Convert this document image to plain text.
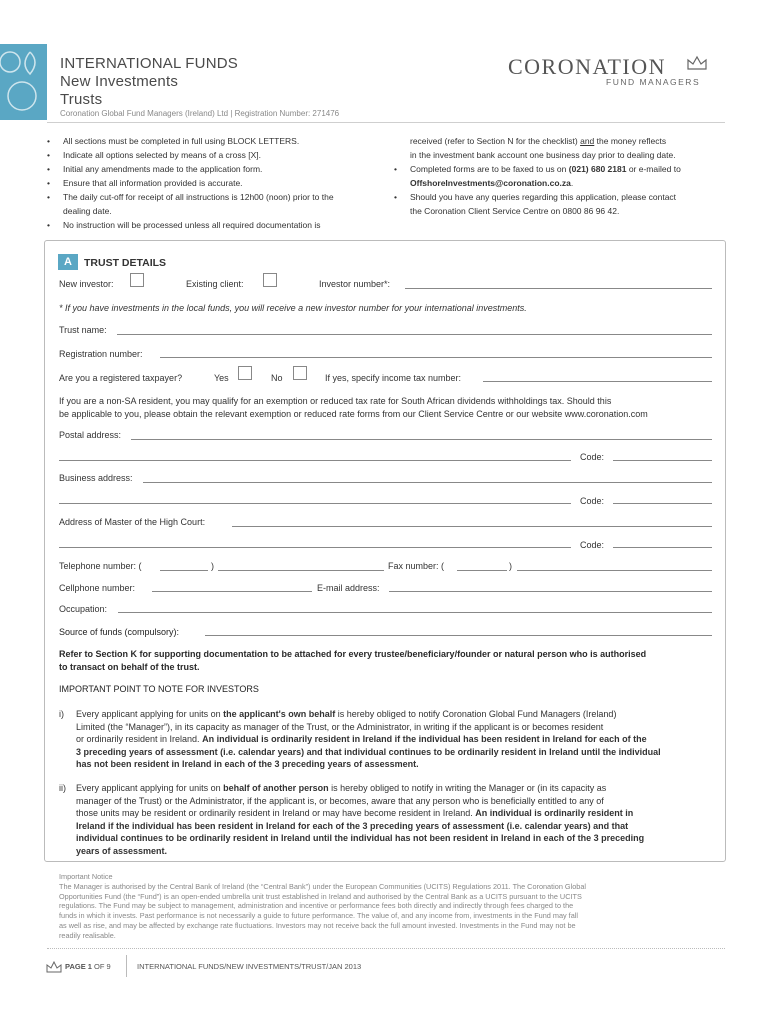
INTERNATIONAL FUNDS
New Investments
Trusts
Coronation Global Fund Managers (Ireland) Ltd | Registration Number: 271476
CORONATION
FUND MANAGERS
• All sections must be completed in full using BLOCK LETTERS.
• Indicate all options selected by means of a cross [X].
• Initial any amendments made to the application form.
• Ensure that all information provided is accurate.
• The daily cut-off for receipt of all instructions is 12h00 (noon) prior to the
dealing date.
• No instruction will be processed unless all required documentation is
received (refer to Section N for the checklist) and the money reflects
in the investment bank account one business day prior to dealing date.
• Completed forms are to be faxed to us on (021) 680 2181 or e-mailed to
OffshoreInvestments@coronation.co.za.
• Should you have any queries regarding this application, please contact
the Coronation Client Service Centre on 0800 86 96 42.
A	TRUST DETAILS
New investor:	Existing client:	Investor number*:
* If you have investments in the local funds, you will receive a new investor number for your international investments.
Trust name:
Registration number:
Are you a registered taxpayer?	Yes	No	If yes, specify income tax number:
If you are a non-SA resident, you may qualify for an exemption or reduced tax rate for South African dividends withholdings tax. Should this
be applicable to you, please obtain the relevant exemption or reduced rate forms from our Client Service Centre or our website www.coronation.com
Postal address:
Code:
Business address:
Code:
Address of Master of the High Court:
Code:
Telephone number: (	)	Fax number: (	)
Cellphone number:	E-mail address:
Occupation:
Source of funds (compulsory):
Refer to Section K for supporting documentation to be attached for every trustee/beneficiary/founder or natural person who is authorised
to transact on behalf of the trust.
IMPORTANT POINT TO NOTE FOR INVESTORS
i) Every applicant applying for units on the applicant's own behalf is hereby obliged to notify Coronation Global Fund Managers (Ireland)
Limited (the “Manager”), in its capacity as manager of the Trust, or the Administrator, in writing if the applicant is or becomes resident
or ordinarily resident in Ireland. An individual is ordinarily resident in Ireland if the individual has been resident in Ireland for each of the
3 preceding years of assessment (i.e. calendar years) and that individual continues to be ordinarily resident in Ireland until the individual
has not been resident in Ireland in each of the 3 preceding years of assessment.
ii) Every applicant applying for units on behalf of another person is hereby obliged to notify in writing the Manager or (in its capacity as
manager of the Trust) or the Administrator, if the applicant is, or becomes, aware that any person who is beneficially entitled to any of
those units may be resident or ordinarily resident in Ireland or may have become resident in Ireland. An individual is ordinarily resident in
Ireland if the individual has been resident in Ireland for each of the 3 preceding years of assessment (i.e. calendar years) and that
individual continues to be ordinarily resident in Ireland until the individual has not been resident in Ireland in each of the 3 preceding
years of assessment.
Important Notice
The Manager is authorised by the Central Bank of Ireland (the “Central Bank”) under the European Communities (UCITS) Regulations 2011. The Coronation Global
Opportunities Fund (the “Fund”) is an open-ended umbrella unit trust established in Ireland and authorised by the Central Bank as a UCITS pursuant to the UCITS
regulations. The Fund may be subject to management, administration and incentive or performance fees both directly and indirectly through fees charged to the
funds in which it invests. Past performance is not necessarily a guide to future performance. The value of, and any income from, investments in the Fund may fall
as well as rise, and may be affected by exchange rate fluctuations. Investors may not receive back the full amount invested. Investments in the Fund may not be
readily realisable.
PAGE 1 OF 9	INTERNATIONAL FUNDS/NEW INVESTMENTS/TRUST/JAN 2013
